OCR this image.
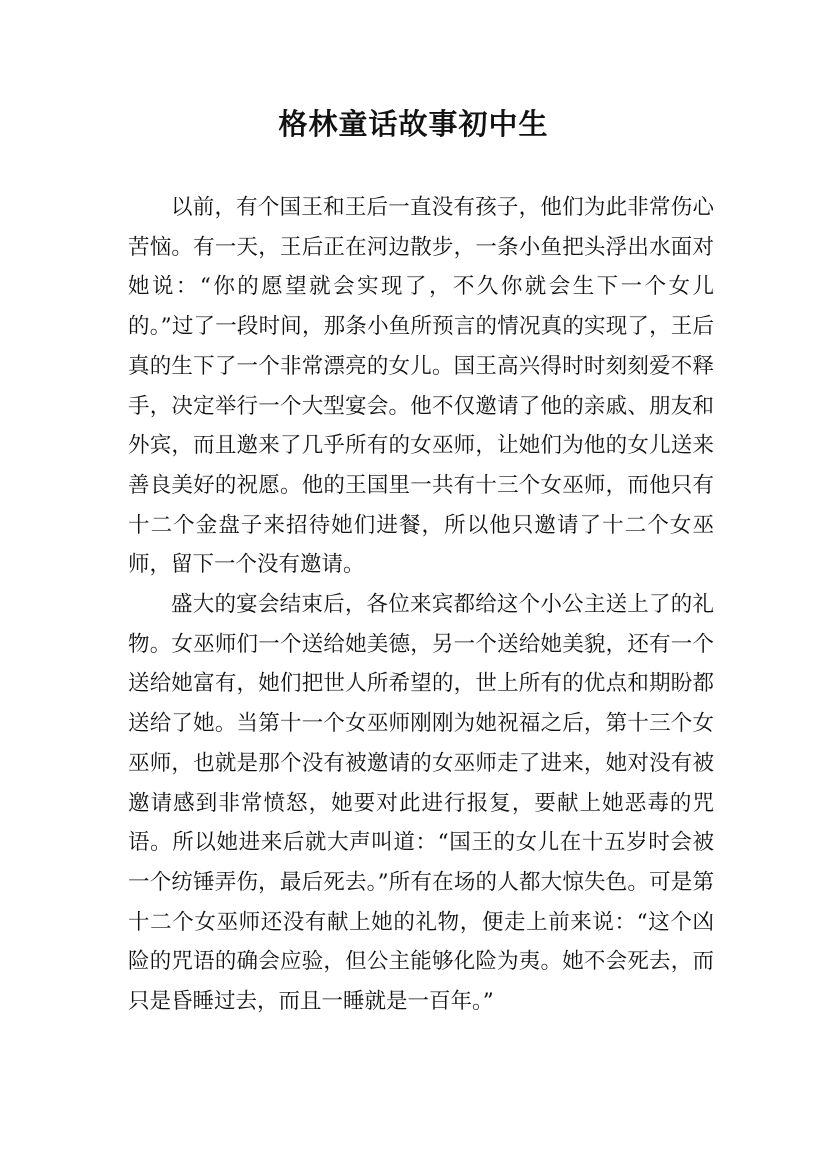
格林童话故事初中生

以前，有个国王和王后一直没有孩子，他们为此非常伤心苦恼。有一天，王后正在河边散步，一条小鱼把头浮出水面对她说：“你的愿望就会实现了，不久你就会生下一个女儿的。”过了一段时间，那条小鱼所预言的情况真的实现了，王后真的生下了一个非常漂亮的女儿。国王高兴得时时刻刻爱不释手，决定举行一个大型宴会。他不仅邀请了他的亲戚、朋友和外宾，而且邀来了几乎所有的女巫师，让她们为他的女儿送来善良美好的祝愿。他的王国里一共有十三个女巫师，而他只有十二个金盘子来招待她们进餐，所以他只邀请了十二个女巫师，留下一个没有邀请。

盛大的宴会结束后，各位来宾都给这个小公主送上了的礼物。女巫师们一个送给她美德，另一个送给她美貌，还有一个送给她富有，她们把世人所希望的，世上所有的优点和期盼都送给了她。当第十一个女巫师刚刚为她祝福之后，第十三个女巫师，也就是那个没有被邀请的女巫师走了进来，她对没有被邀请感到非常愤怒，她要对此进行报复，要献上她恶毒的咒语。所以她进来后就大声叫道：“国王的女儿在十五岁时会被一个纺锤弄伤，最后死去。”所有在场的人都大惊失色。可是第十二个女巫师还没有献上她的礼物，便走上前来说：“这个凶险的咒语的确会应验，但公主能够化险为夷。她不会死去，而只是昏睡过去，而且一睡就是一百年。”
